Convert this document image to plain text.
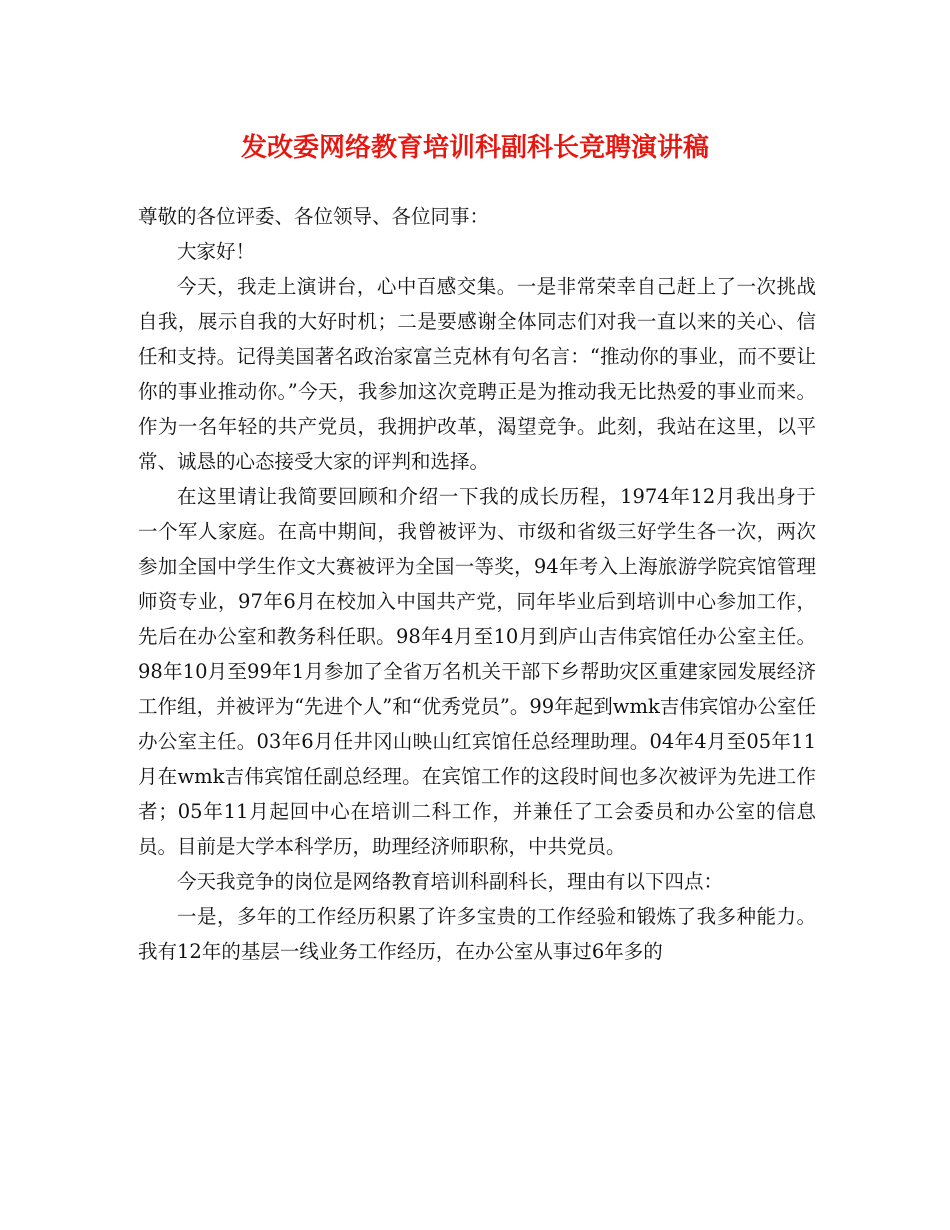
发改委网络教育培训科副科长竞聘演讲稿

尊敬的各位评委、各位领导、各位同事：

大家好！

今天，我走上演讲台，心中百感交集。一是非常荣幸自己赶上了一次挑战自我，展示自我的大好时机；二是要感谢全体同志们对我一直以来的关心、信任和支持。记得美国著名政治家富兰克林有句名言：“推动你的事业，而不要让你的事业推动你。”今天，我参加这次竞聘正是为推动我无比热爱的事业而来。作为一名年轻的共产党员，我拥护改革，渴望竞争。此刻，我站在这里，以平常、诚恳的心态接受大家的评判和选择。

在这里请让我简要回顾和介绍一下我的成长历程，1974年12月我出身于一个军人家庭。在高中期间，我曾被评为、市级和省级三好学生各一次，两次参加全国中学生作文大赛被评为全国一等奖，94年考入上海旅游学院宾馆管理师资专业，97年6月在校加入中国共产党，同年毕业后到培训中心参加工作，先后在办公室和教务科任职。98年4月至10月到庐山吉伟宾馆任办公室主任。98年10月至99年1月参加了全省万名机关干部下乡帮助灾区重建家园发展经济工作组，并被评为“先进个人”和“优秀党员”。99年起到wmk吉伟宾馆办公室任办公室主任。03年6月任井冈山映山红宾馆任总经理助理。04年4月至05年11月在wmk吉伟宾馆任副总经理。在宾馆工作的这段时间也多次被评为先进工作者；05年11月起回中心在培训二科工作，并兼任了工会委员和办公室的信息员。目前是大学本科学历，助理经济师职称，中共党员。

今天我竞争的岗位是网络教育培训科副科长，理由有以下四点：

一是，多年的工作经历积累了许多宝贵的工作经验和锻炼了我多种能力。我有12年的基层一线业务工作经历，在办公室从事过6年多的
